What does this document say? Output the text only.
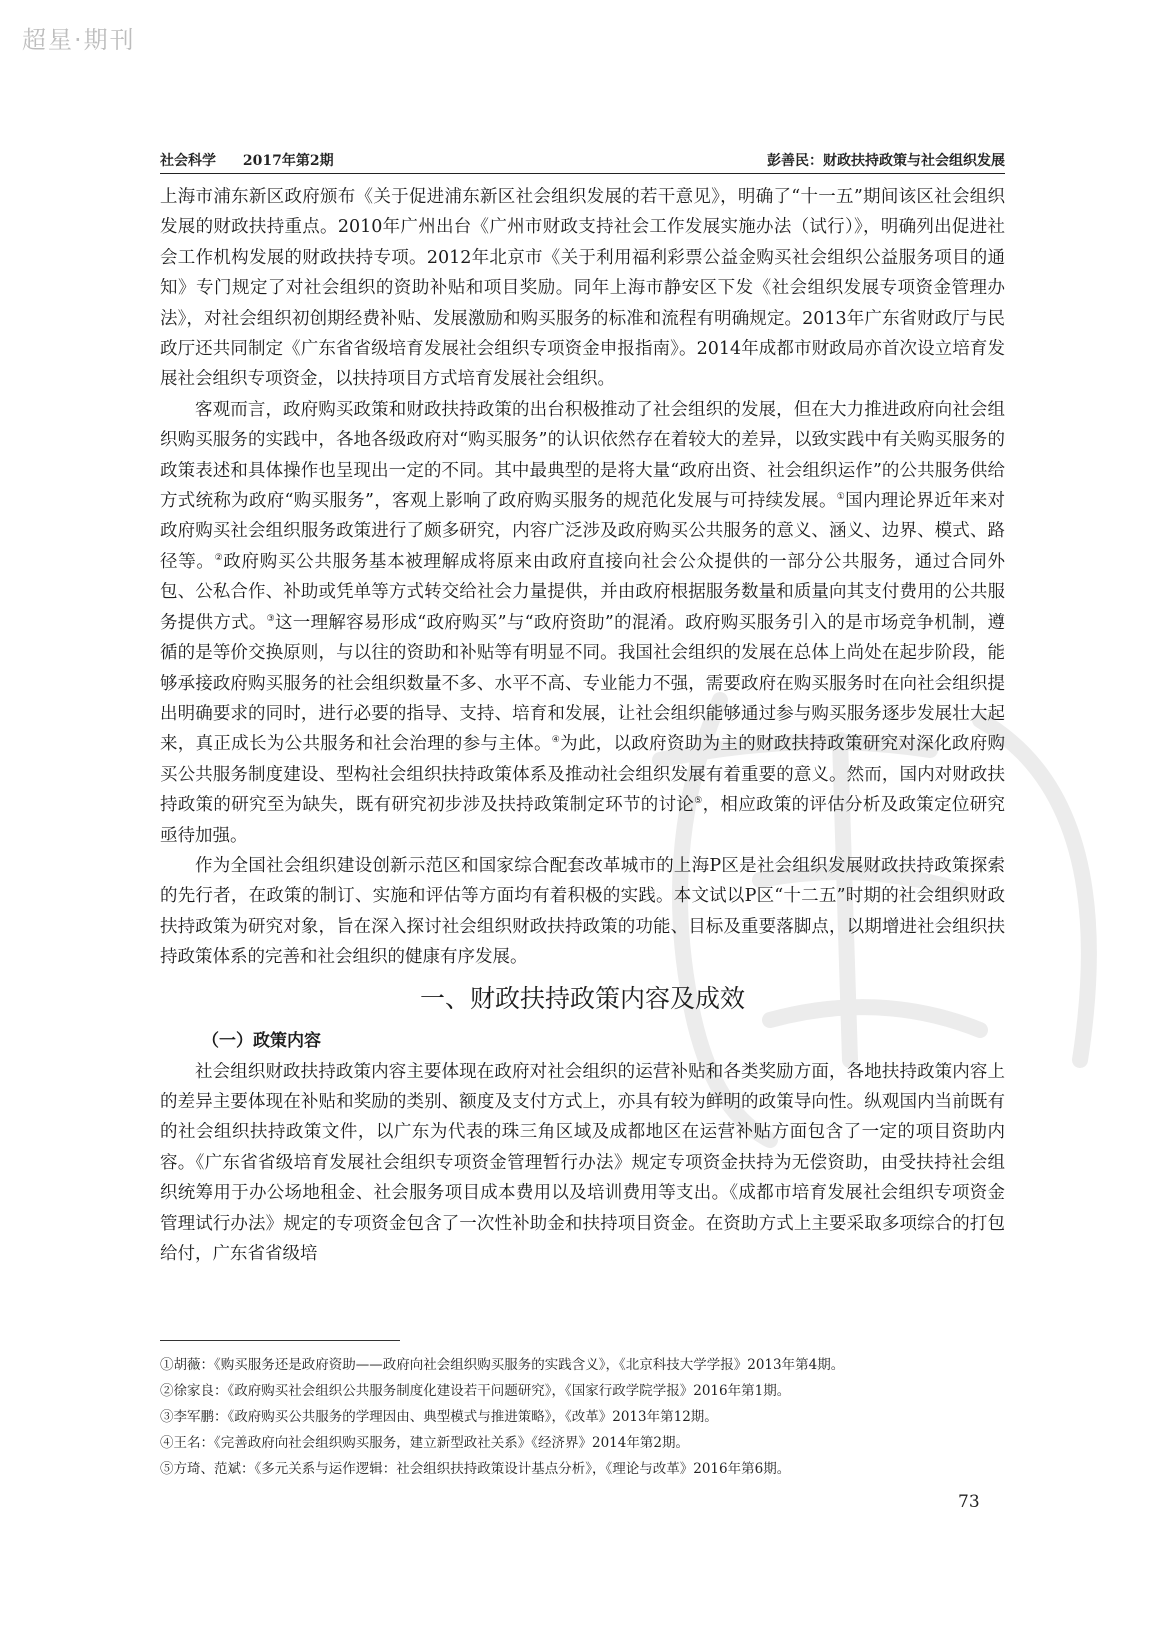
超星·期刊
社会科学 2017年第2期	彭善民：财政扶持政策与社会组织发展

上海市浦东新区政府颁布《关于促进浦东新区社会组织发展的若干意见》，明确了“十一五”期间该区社会组织发展的财政扶持重点。2010年广州出台《广州市财政支持社会工作发展实施办法（试行）》，明确列出促进社会工作机构发展的财政扶持专项。2012年北京市《关于利用福利彩票公益金购买社会组织公益服务项目的通知》专门规定了对社会组织的资助补贴和项目奖励。同年上海市静安区下发《社会组织发展专项资金管理办法》，对社会组织初创期经费补贴、发展激励和购买服务的标准和流程有明确规定。2013年广东省财政厅与民政厅还共同制定《广东省省级培育发展社会组织专项资金申报指南》。2014年成都市财政局亦首次设立培育发展社会组织专项资金，以扶持项目方式培育发展社会组织。

客观而言，政府购买政策和财政扶持政策的出台积极推动了社会组织的发展，但在大力推进政府向社会组织购买服务的实践中，各地各级政府对“购买服务”的认识依然存在着较大的差异，以致实践中有关购买服务的政策表述和具体操作也呈现出一定的不同。其中最典型的是将大量“政府出资、社会组织运作”的公共服务供给方式统称为政府“购买服务”，客观上影响了政府购买服务的规范化发展与可持续发展。①国内理论界近年来对政府购买社会组织服务政策进行了颇多研究，内容广泛涉及政府购买公共服务的意义、涵义、边界、模式、路径等。②政府购买公共服务基本被理解成将原来由政府直接向社会公众提供的一部分公共服务，通过合同外包、公私合作、补助或凭单等方式转交给社会力量提供，并由政府根据服务数量和质量向其支付费用的公共服务提供方式。③这一理解容易形成“政府购买”与“政府资助”的混淆。政府购买服务引入的是市场竞争机制，遵循的是等价交换原则，与以往的资助和补贴等有明显不同。我国社会组织的发展在总体上尚处在起步阶段，能够承接政府购买服务的社会组织数量不多、水平不高、专业能力不强，需要政府在购买服务时在向社会组织提出明确要求的同时，进行必要的指导、支持、培育和发展，让社会组织能够通过参与购买服务逐步发展壮大起来，真正成长为公共服务和社会治理的参与主体。④为此，以政府资助为主的财政扶持政策研究对深化政府购买公共服务制度建设、型构社会组织扶持政策体系及推动社会组织发展有着重要的意义。然而，国内对财政扶持政策的研究至为缺失，既有研究初步涉及扶持政策制定环节的讨论⑤，相应政策的评估分析及政策定位研究亟待加强。

作为全国社会组织建设创新示范区和国家综合配套改革城市的上海P区是社会组织发展财政扶持政策探索的先行者，在政策的制订、实施和评估等方面均有着积极的实践。本文试以P区“十二五”时期的社会组织财政扶持政策为研究对象，旨在深入探讨社会组织财政扶持政策的功能、目标及重要落脚点，以期增进社会组织扶持政策体系的完善和社会组织的健康有序发展。

一、财政扶持政策内容及成效
（一）政策内容

社会组织财政扶持政策内容主要体现在政府对社会组织的运营补贴和各类奖励方面，各地扶持政策内容上的差异主要体现在补贴和奖励的类别、额度及支付方式上，亦具有较为鲜明的政策导向性。纵观国内当前既有的社会组织扶持政策文件，以广东为代表的珠三角区域及成都地区在运营补贴方面包含了一定的项目资助内容。《广东省省级培育发展社会组织专项资金管理暂行办法》规定专项资金扶持为无偿资助，由受扶持社会组织统筹用于办公场地租金、社会服务项目成本费用以及培训费用等支出。《成都市培育发展社会组织专项资金管理试行办法》规定的专项资金包含了一次性补助金和扶持项目资金。在资助方式上主要采取多项综合的打包给付，广东省省级培

①胡薇：《购买服务还是政府资助——政府向社会组织购买服务的实践含义》，《北京科技大学学报》2013年第4期。
②徐家良：《政府购买社会组织公共服务制度化建设若干问题研究》，《国家行政学院学报》2016年第1期。
③李军鹏：《政府购买公共服务的学理因由、典型模式与推进策略》，《改革》2013年第12期。
④王名：《完善政府向社会组织购买服务，建立新型政社关系》《经济界》2014年第2期。
⑤方琦、范斌：《多元关系与运作逻辑：社会组织扶持政策设计基点分析》，《理论与改革》2016年第6期。
73
